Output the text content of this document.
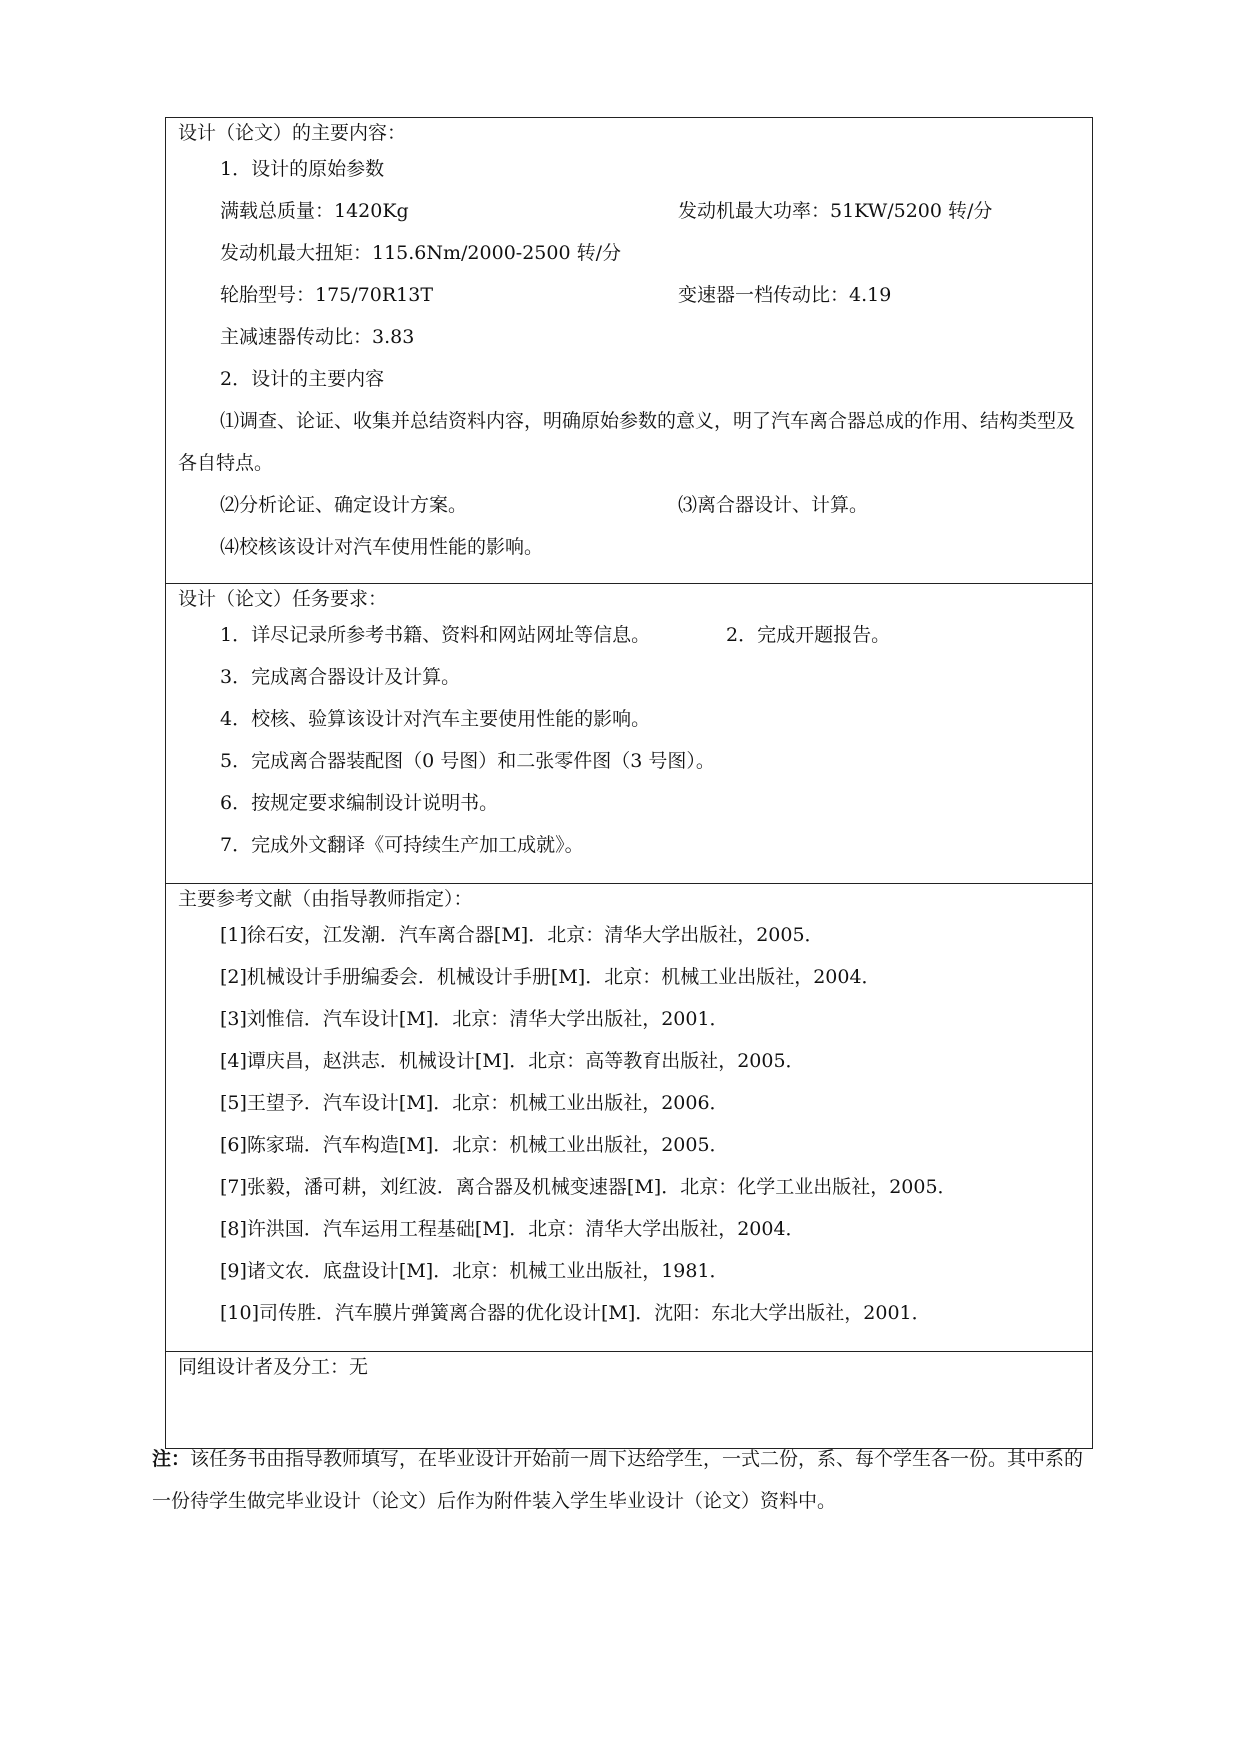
设计（论文）的主要内容：
1．设计的原始参数
满载总质量：1420Kg	发动机最大功率：51KW/5200 转/分
发动机最大扭矩：115.6Nm/2000-2500 转/分
轮胎型号：175/70R13T	变速器一档传动比：4.19
主减速器传动比：3.83
2．设计的主要内容
⑴调查、论证、收集并总结资料内容，明确原始参数的意义，明了汽车离合器总成的作用、结构类型及各自特点。
⑵分析论证、确定设计方案。	⑶离合器设计、计算。
⑷校核该设计对汽车使用性能的影响。
设计（论文）任务要求：
1．详尽记录所参考书籍、资料和网站网址等信息。	2．完成开题报告。
3．完成离合器设计及计算。
4．校核、验算该设计对汽车主要使用性能的影响。
5．完成离合器装配图（0 号图）和二张零件图（3 号图）。
6．按规定要求编制设计说明书。
7．完成外文翻译《可持续生产加工成就》。
主要参考文献（由指导教师指定）：
[1]徐石安，江发潮．汽车离合器[M]．北京：清华大学出版社，2005．
[2]机械设计手册编委会．机械设计手册[M]．北京：机械工业出版社，2004．
[3]刘惟信．汽车设计[M]．北京：清华大学出版社，2001．
[4]谭庆昌，赵洪志．机械设计[M]．北京：高等教育出版社，2005．
[5]王望予．汽车设计[M]．北京：机械工业出版社，2006．
[6]陈家瑞．汽车构造[M]．北京：机械工业出版社，2005．
[7]张毅，潘可耕，刘红波．离合器及机械变速器[M]．北京：化学工业出版社，2005．
[8]许洪国．汽车运用工程基础[M]．北京：清华大学出版社，2004．
[9]诸文农．底盘设计[M]．北京：机械工业出版社，1981．
[10]司传胜．汽车膜片弹簧离合器的优化设计[M]．沈阳：东北大学出版社，2001．
同组设计者及分工：无
注：该任务书由指导教师填写，在毕业设计开始前一周下达给学生，一式二份，系、每个学生各一份。其中系的一份待学生做完毕业设计（论文）后作为附件装入学生毕业设计（论文）资料中。
